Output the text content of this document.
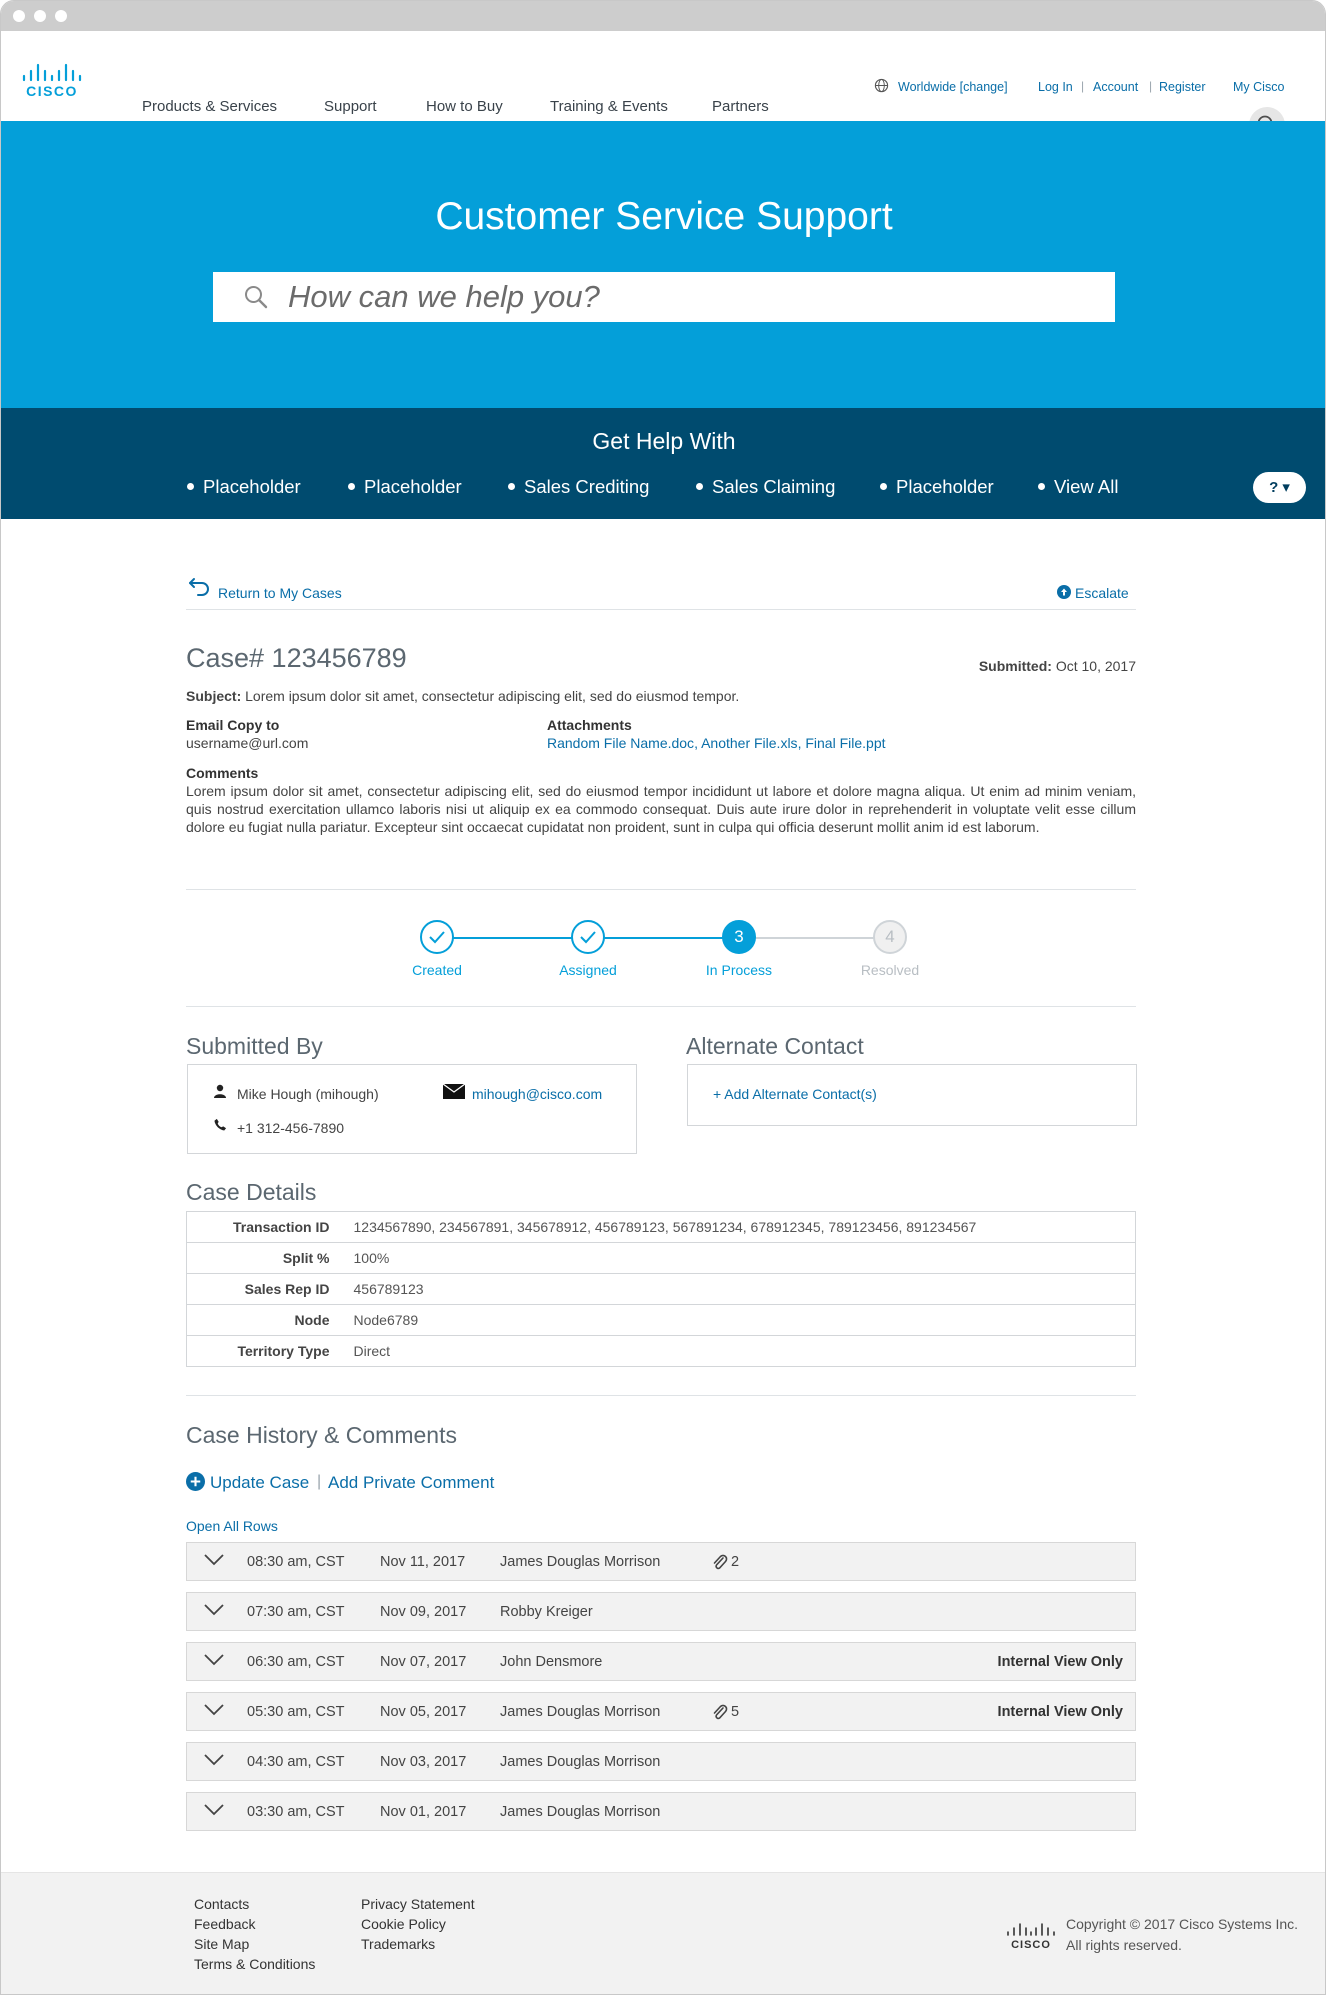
CISCO
Products & Services	Support	How to Buy	Training & Events	Partners
Worldwide [change] Log In | Account | Register My Cisco
Customer Service Support
How can we help you?
Get Help With
Placeholder	Placeholder	Sales Crediting	Sales Claiming	Placeholder	View All	? ▾
Return to My Cases	Escalate
Case# 123456789	Submitted: Oct 10, 2017
Subject: Lorem ipsum dolor sit amet, consectetur adipiscing elit, sed do eiusmod tempor.
Email Copy to
username@url.com
Attachments
Random File Name.doc, Another File.xls, Final File.ppt
Comments
Lorem ipsum dolor sit amet, consectetur adipiscing elit, sed do eiusmod tempor incididunt ut labore et dolore magna aliqua. Ut enim ad minim veniam, quis nostrud exercitation ullamco laboris nisi ut aliquip ex ea commodo consequat. Duis aute irure dolor in reprehenderit in voluptate velit esse cillum dolore eu fugiat nulla pariatur. Excepteur sint occaecat cupidatat non proident, sunt in culpa qui officia deserunt mollit anim id est laborum.
Created	Assigned
3
In Process
4
Resolved
Submitted By
Mike Hough (mihough)	mihough@cisco.com
+1 312-456-7890
Alternate Contact
+ Add Alternate Contact(s)
Case Details
Transaction ID	1234567890, 234567891, 345678912, 456789123, 567891234, 678912345, 789123456, 891234567
Split %	100%
Sales Rep ID	456789123
Node	Node6789
Territory Type	Direct
Case History & Comments
Update Case | Add Private Comment
Open All Rows
08:30 am, CST Nov 11, 2017 James Douglas Morrison	2
07:30 am, CST Nov 09, 2017 Robby Kreiger
06:30 am, CST Nov 07, 2017 John Densmore	Internal View Only
05:30 am, CST Nov 05, 2017 James Douglas Morrison	5	Internal View Only
04:30 am, CST Nov 03, 2017 James Douglas Morrison
03:30 am, CST Nov 01, 2017 James Douglas Morrison
Contacts
Feedback
Site Map
Terms & Conditions
Privacy Statement
Cookie Policy
Trademarks	CISCO
Copyright © 2017 Cisco Systems Inc.
All rights reserved.
